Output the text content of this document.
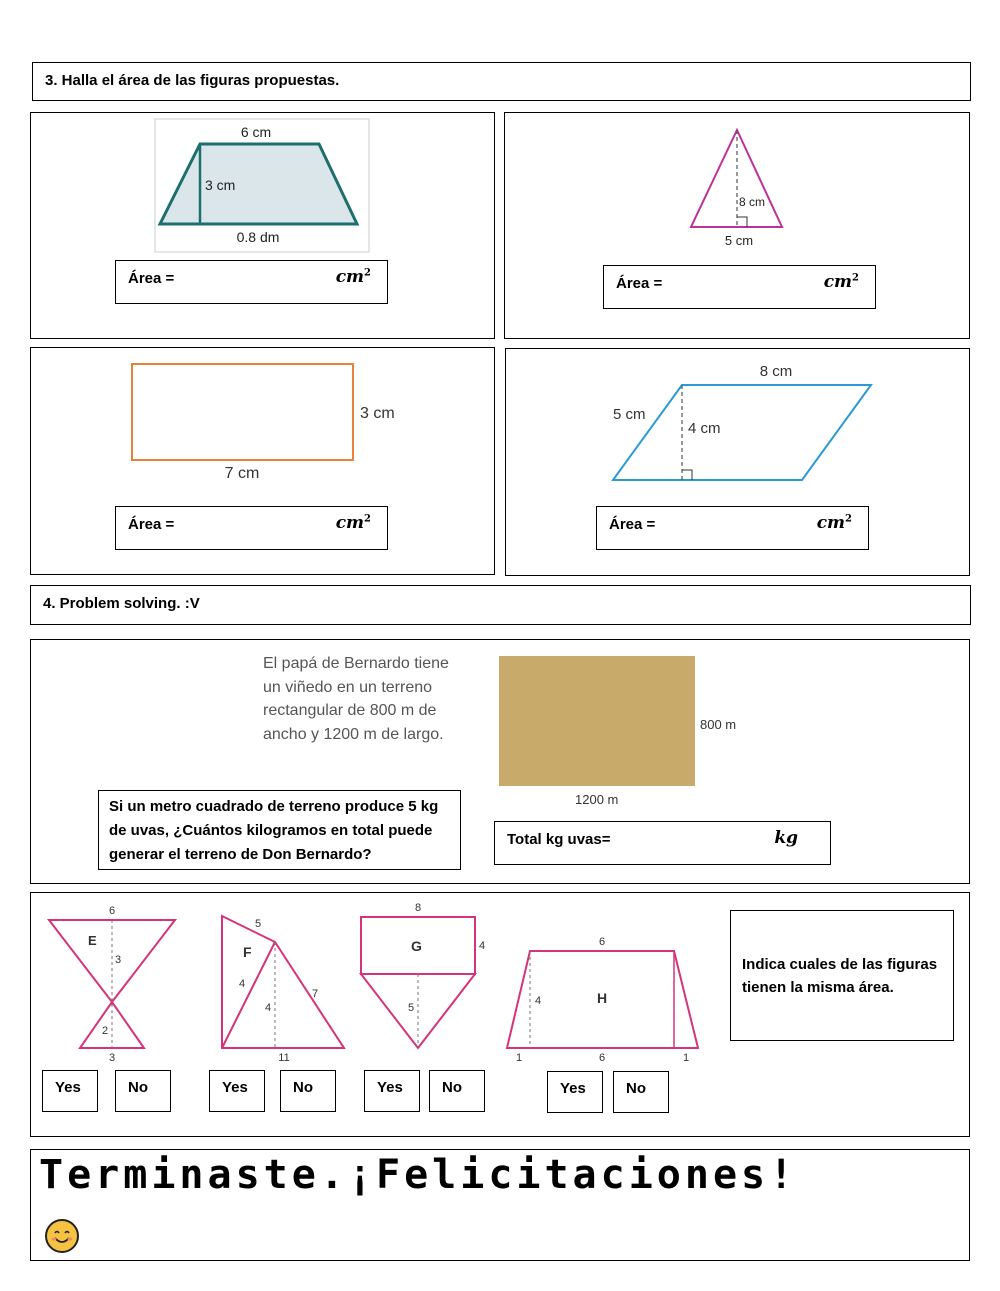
3. Halla el área de las figuras propuestas.
6 cm
3 cm
0.8 dm
Área =	$cm^2$
8 cm
5 cm
Área =	$cm^2$
3 cm
7 cm
Área =	$cm^2$
8 cm
5 cm
4 cm
Área =	$cm^2$
4. Problem solving. :V
El papá de Bernardo tiene
un viñedo en un terreno
rectangular de 800 m de
ancho y 1200 m de largo.
800 m
1200 m
Si un metro cuadrado de terreno produce 5 kg
de uvas, ¿Cuántos kilogramos en total puede
generar el terreno de Don Bernardo?
Total kg uvas=	kg
6
E
3
2
3
5
F
4
4
7
11
8
G	4
5
6
4	H
1	6	1
Yes	No	Yes	No	Yes	No	Yes	No
Indica cuales de las figuras
tienen la misma área.
Terminaste.¡Felicitaciones!
